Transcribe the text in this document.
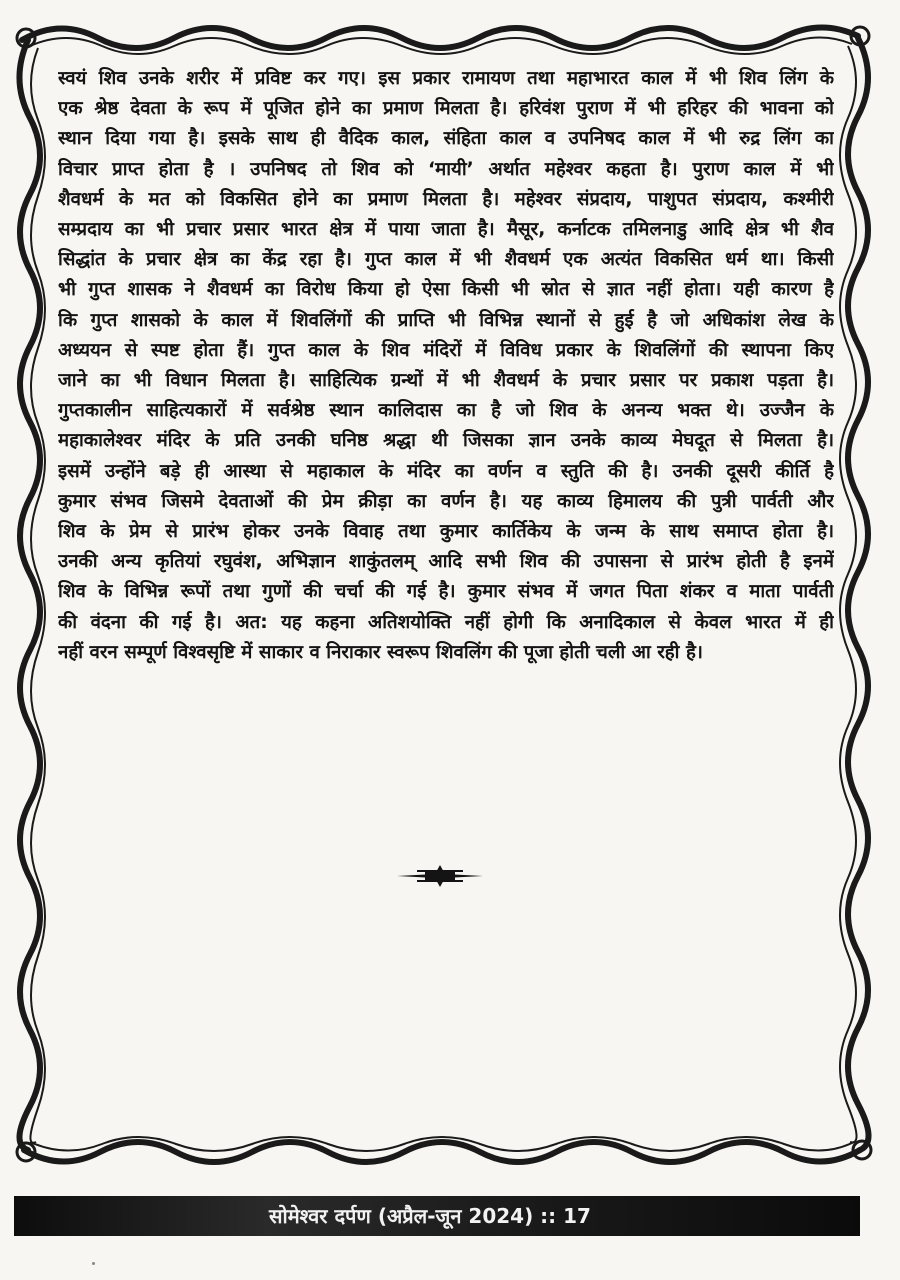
स्वयं शिव उनके शरीर में प्रविष्ट कर गए। इस प्रकार रामायण तथा महाभारत काल में भी शिव लिंग के
एक श्रेष्ठ देवता के रूप में पूजित होने का प्रमाण मिलता है। हरिवंश पुराण में भी हरिहर की भावना को
स्थान दिया गया है। इसके साथ ही वैदिक काल, संहिता काल व उपनिषद काल में भी रुद्र लिंग का
विचार प्राप्त होता है । उपनिषद तो शिव को ‘मायी’ अर्थात महेश्वर कहता है। पुराण काल में भी
शैवधर्म के मत को विकसित होने का प्रमाण मिलता है। महेश्वर संप्रदाय, पाशुपत संप्रदाय, कश्मीरी
सम्प्रदाय का भी प्रचार प्रसार भारत क्षेत्र में पाया जाता है। मैसूर, कर्नाटक तमिलनाडु आदि क्षेत्र भी शैव
सिद्धांत के प्रचार क्षेत्र का केंद्र रहा है। गुप्त काल में भी शैवधर्म एक अत्यंत विकसित धर्म था। किसी
भी गुप्त शासक ने शैवधर्म का विरोध किया हो ऐसा किसी भी स्रोत से ज्ञात नहीं होता। यही कारण है
कि गुप्त शासको के काल में शिवलिंगों की प्राप्ति भी विभिन्न स्थानों से हुई है जो अधिकांश लेख के
अध्ययन से स्पष्ट होता हैं। गुप्त काल के शिव मंदिरों में विविध प्रकार के शिवलिंगों की स्थापना किए
जाने का भी विधान मिलता है। साहित्यिक ग्रन्थों में भी शैवधर्म के प्रचार प्रसार पर प्रकाश पड़ता है।
गुप्तकालीन साहित्यकारों में सर्वश्रेष्ठ स्थान कालिदास का है जो शिव के अनन्य भक्त थे। उज्जैन के
महाकालेश्वर मंदिर के प्रति उनकी घनिष्ठ श्रद्धा थी जिसका ज्ञान उनके काव्य मेघदूत से मिलता है।
इसमें उन्होंने बड़े ही आस्था से महाकाल के मंदिर का वर्णन व स्तुति की है। उनकी दूसरी कीर्ति है
कुमार संभव जिसमे देवताओं की प्रेम क्रीड़ा का वर्णन है। यह काव्य हिमालय की पुत्री पार्वती और
शिव के प्रेम से प्रारंभ होकर उनके विवाह तथा कुमार कार्तिकेय के जन्म के साथ समाप्त होता है।
उनकी अन्य कृतियां रघुवंश, अभिज्ञान शाकुंतलम् आदि सभी शिव की उपासना से प्रारंभ होती है इनमें
शिव के विभिन्न रूपों तथा गुणों की चर्चा की गई है। कुमार संभव में जगत पिता शंकर व माता पार्वती
की वंदना की गई है। अत: यह कहना अतिशयोक्ति नहीं होगी कि अनादिकाल से केवल भारत में ही
नहीं वरन सम्पूर्ण विश्वसृष्टि में साकार व निराकार स्वरूप शिवलिंग की पूजा होती चली आ रही है।
सोमेश्वर दर्पण (अप्रैल-जून 2024) :: 17
